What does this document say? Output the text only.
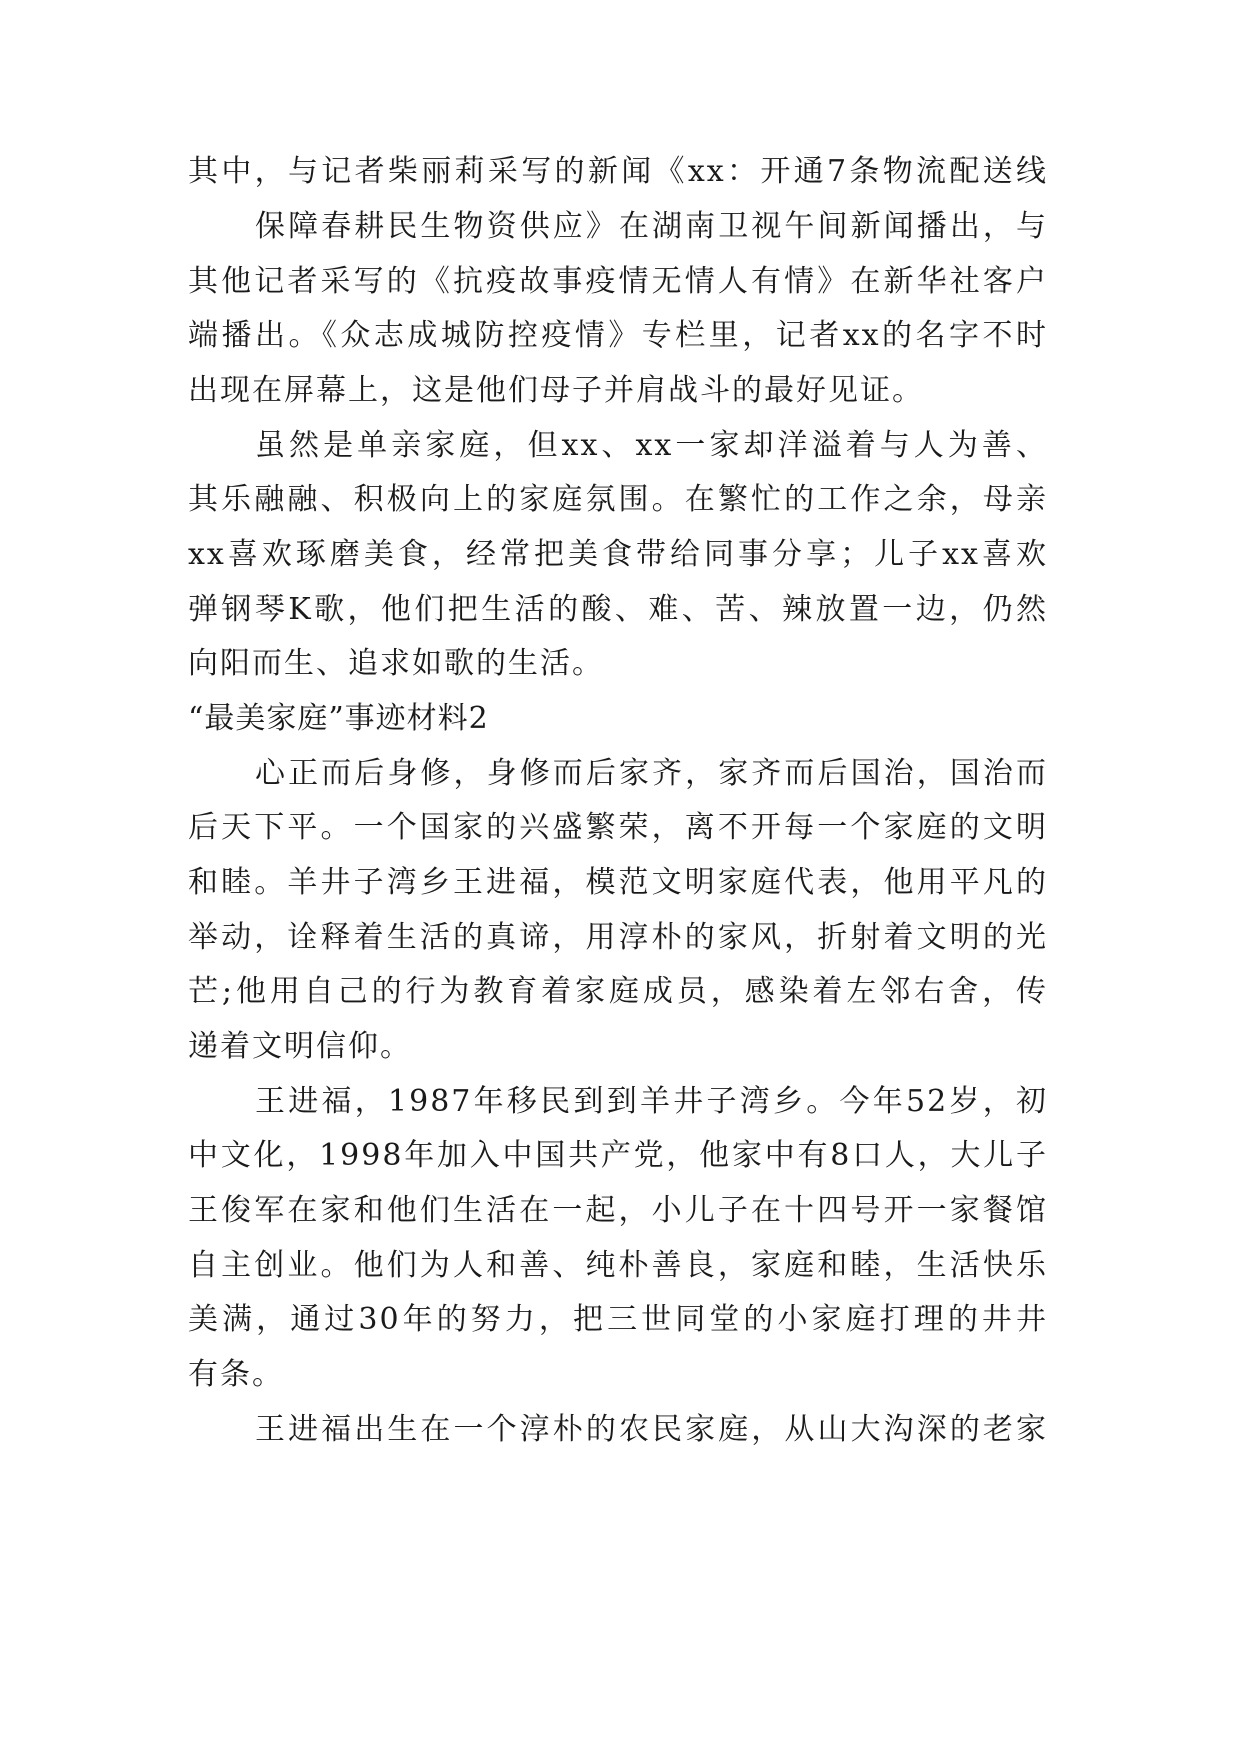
其中，与记者柴丽莉采写的新闻《xx：开通7条物流配送线
保障春耕民生物资供应》在湖南卫视午间新闻播出，与
其他记者采写的《抗疫故事疫情无情人有情》在新华社客户
端播出。《众志成城防控疫情》专栏里，记者xx的名字不时
出现在屏幕上，这是他们母子并肩战斗的最好见证。
虽然是单亲家庭，但xx、xx一家却洋溢着与人为善、
其乐融融、积极向上的家庭氛围。在繁忙的工作之余，母亲
xx喜欢琢磨美食，经常把美食带给同事分享；儿子xx喜欢
弹钢琴K歌，他们把生活的酸、难、苦、辣放置一边，仍然
向阳而生、追求如歌的生活。
“最美家庭”事迹材料2
心正而后身修，身修而后家齐，家齐而后国治，国治而
后天下平。一个国家的兴盛繁荣，离不开每一个家庭的文明
和睦。羊井子湾乡王进福，模范文明家庭代表，他用平凡的
举动，诠释着生活的真谛，用淳朴的家风，折射着文明的光
芒;他用自己的行为教育着家庭成员，感染着左邻右舍，传
递着文明信仰。
王进福，1987年移民到到羊井子湾乡。今年52岁，初
中文化，1998年加入中国共产党，他家中有8口人，大儿子
王俊军在家和他们生活在一起，小儿子在十四号开一家餐馆
自主创业。他们为人和善、纯朴善良，家庭和睦，生活快乐
美满，通过30年的努力，把三世同堂的小家庭打理的井井
有条。
王进福出生在一个淳朴的农民家庭，从山大沟深的老家
